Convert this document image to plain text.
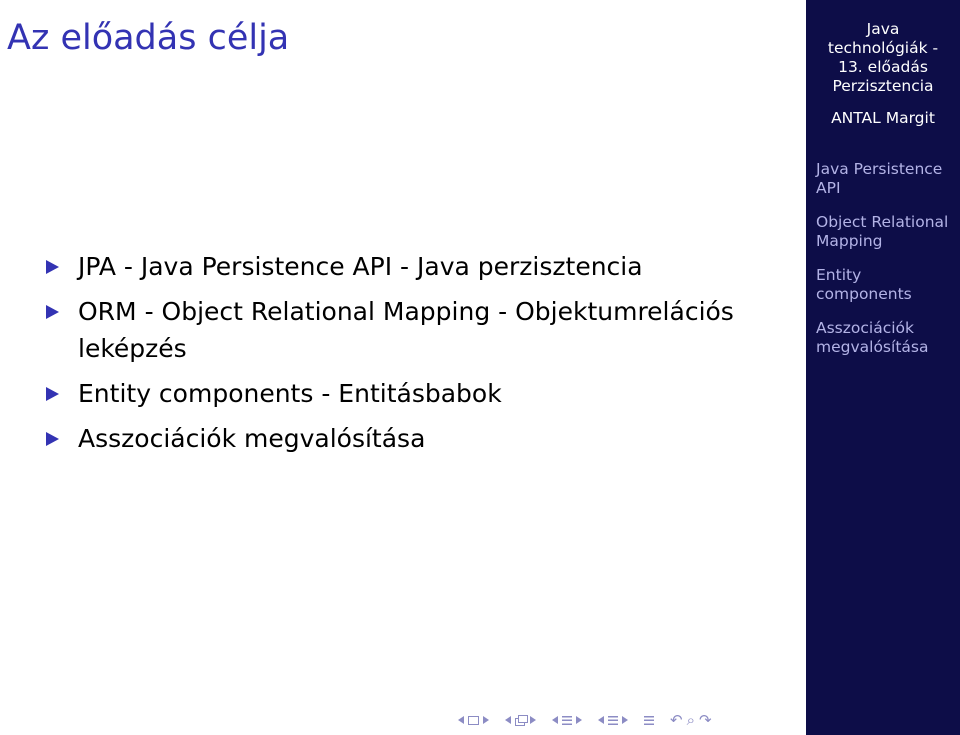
Az előadás célja
JPA - Java Persistence API - Java perzisztencia
ORM - Object Relational Mapping - Objektumrelációs leképzés
Entity components - Entitásbabok
Asszociációk megvalósítása
↶ ⌕ ↷
Java
technológiák -
13. előadás
Perzisztencia
ANTAL Margit
Java Persistence
API
Object Relational
Mapping
Entity
components
Asszociációk
megvalósítása
